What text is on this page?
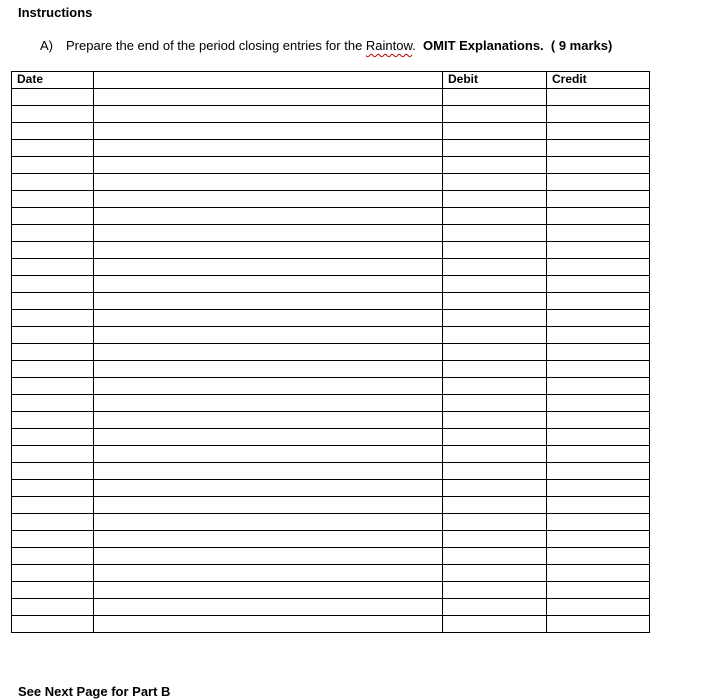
Instructions
A) Prepare the end of the period closing entries for the Raintow. OMIT Explanations. ( 9 marks)
Date		Debit	Credit

See Next Page for Part B
